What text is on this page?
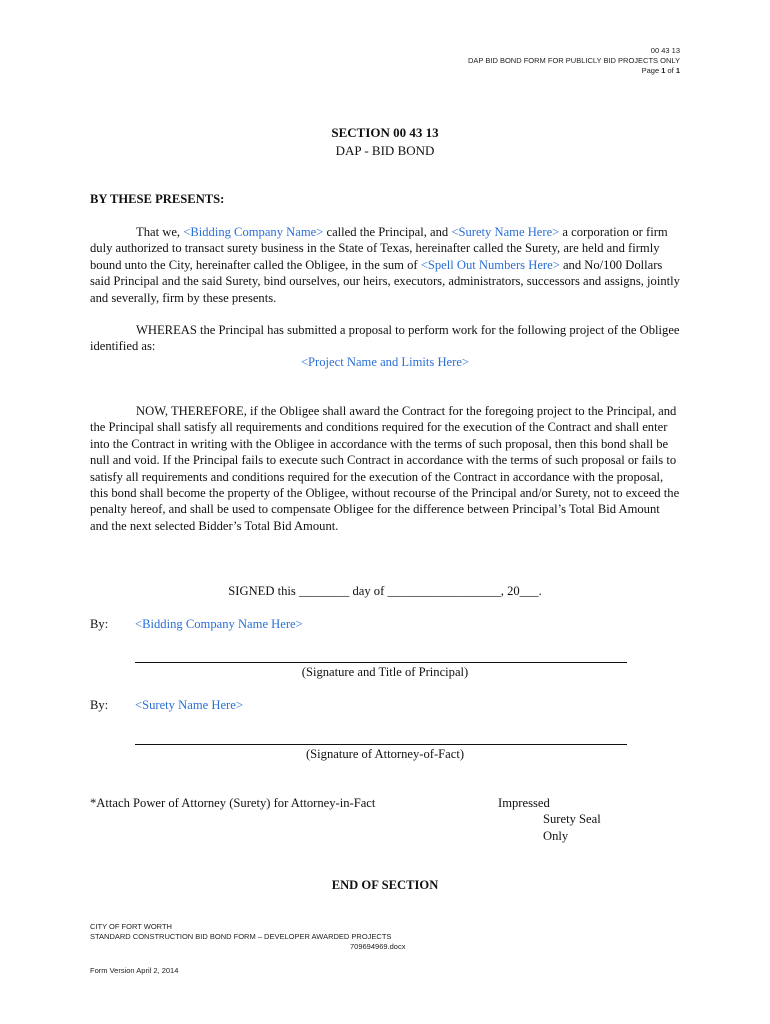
00 43 13
DAP BID BOND FORM FOR PUBLICLY BID PROJECTS ONLY
Page 1 of 1
SECTION 00 43 13
DAP - BID BOND
BY THESE PRESENTS:
That we, <Bidding Company Name> called the Principal, and <Surety Name Here> a corporation or firm duly authorized to transact surety business in the State of Texas, hereinafter called the Surety, are held and firmly bound unto the City, hereinafter called the Obligee, in the sum of <Spell Out Numbers Here> and No/100 Dollars said Principal and the said Surety, bind ourselves, our heirs, executors, administrators, successors and assigns, jointly and severally, firm by these presents.
WHEREAS the Principal has submitted a proposal to perform work for the following project of the Obligee identified as:
<Project Name and Limits Here>
NOW, THEREFORE, if the Obligee shall award the Contract for the foregoing project to the Principal, and the Principal shall satisfy all requirements and conditions required for the execution of the Contract and shall enter into the Contract in writing with the Obligee in accordance with the terms of such proposal, then this bond shall be null and void. If the Principal fails to execute such Contract in accordance with the terms of such proposal or fails to satisfy all requirements and conditions required for the execution of the Contract in accordance with the proposal, this bond shall become the property of the Obligee, without recourse of the Principal and/or Surety, not to exceed the penalty hereof, and shall be used to compensate Obligee for the difference between Principal’s Total Bid Amount and the next selected Bidder’s Total Bid Amount.
SIGNED this ________ day of __________________, 20___.
By: <Bidding Company Name Here>
(Signature and Title of Principal)
By: <Surety Name Here>
(Signature of Attorney-of-Fact)
*Attach Power of Attorney (Surety) for Attorney-in-Fact	Impressed
Surety Seal
Only
END OF SECTION
CITY OF FORT WORTH
STANDARD CONSTRUCTION BID BOND FORM – DEVELOPER AWARDED PROJECTS
709694969.docx
Form Version April 2, 2014
